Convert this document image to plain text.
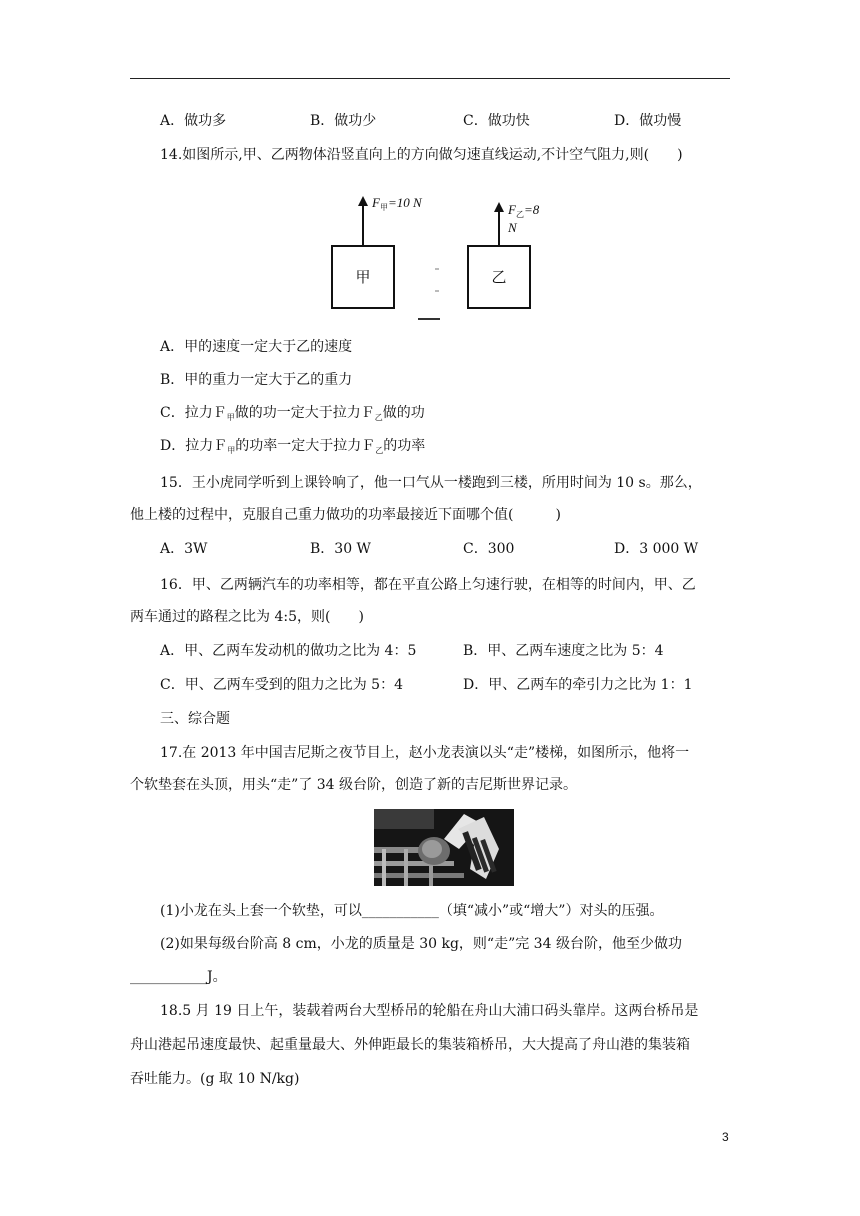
A．做功多	B．做功少	C．做功快	D．做功慢
14.如图所示,甲、乙两物体沿竖直向上的方向做匀速直线运动,不计空气阻力,则(　　)
$F_甲=10$ N	$F_乙=8$ N
甲	乙
A．甲的速度一定大于乙的速度
B．甲的重力一定大于乙的重力
C．拉力Ｆ$_甲$做的功一定大于拉力Ｆ$_乙$做的功
D．拉力Ｆ$_甲$的功率一定大于拉力Ｆ$_乙$的功率
15．王小虎同学听到上课铃响了，他一口气从一楼跑到三楼，所用时间为 10 s。那么，
他上楼的过程中，克服自己重力做功的功率最接近下面哪个值(　　　)
A．3W	B．30 W	C．300	D．3 000 W
16．甲、乙两辆汽车的功率相等，都在平直公路上匀速行驶，在相等的时间内，甲、乙
两车通过的路程之比为 4:5，则(　　)
A．甲、乙两车发动机的做功之比为 4：5	B．甲、乙两车速度之比为 5：4
C．甲、乙两车受到的阻力之比为 5：4	D．甲、乙两车的牵引力之比为 1：1
三、综合题
17.在 2013 年中国吉尼斯之夜节目上，赵小龙表演以头“走”楼梯，如图所示，他将一
个软垫套在头顶，用头“走”了 34 级台阶，创造了新的吉尼斯世界记录。
(1)小龙在头上套一个软垫，可以___________（填“减小”或“增大”）对头的压强。
(2)如果每级台阶高 8 cm，小龙的质量是 30 kg，则“走”完 34 级台阶，他至少做功
___________J。
18.5 月 19 日上午，装载着两台大型桥吊的轮船在舟山大浦口码头靠岸。这两台桥吊是
舟山港起吊速度最快、起重量最大、外伸距最长的集装箱桥吊，大大提高了舟山港的集装箱
吞吐能力。(g 取 10 N/kg)
3
